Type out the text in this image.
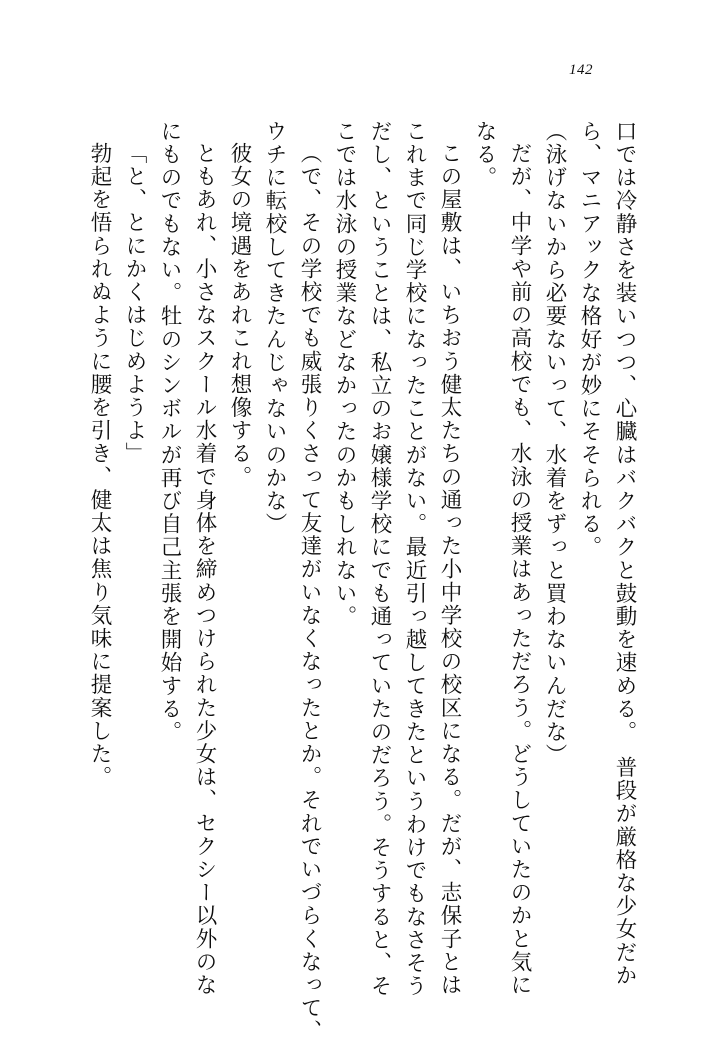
142
口では冷静さを装いつつ、心臓はバクバクと鼓動を速める。　普段が厳格な少女だか
ら、マニアックな格好が妙にそそられる。
（泳げないから必要ないって、水着をずっと買わないんだな）
だが、中学や前の高校でも、水泳の授業はあっただろう。どうしていたのかと気に
なる。
この屋敷は、いちおう健太たちの通った小中学校の校区になる。だが、志保子とは
これまで同じ学校になったことがない。最近引っ越してきたというわけでもなさそう
だし、ということは、私立のお嬢様学校にでも通っていたのだろう。そうすると、そ
こでは水泳の授業などなかったのかもしれない。
（で、その学校でも威張りくさって友達がいなくなったとか。それでいづらくなって、
ウチに転校してきたんじゃないのかな）
彼女の境遇をあれこれ想像する。
ともあれ、小さなスクール水着で身体を締めつけられた少女は、セクシー以外のな
にものでもない。牡のシンボルが再び自己主張を開始する。
「と、とにかくはじめようよ」
勃起を悟られぬように腰を引き、健太は焦り気味に提案した。
